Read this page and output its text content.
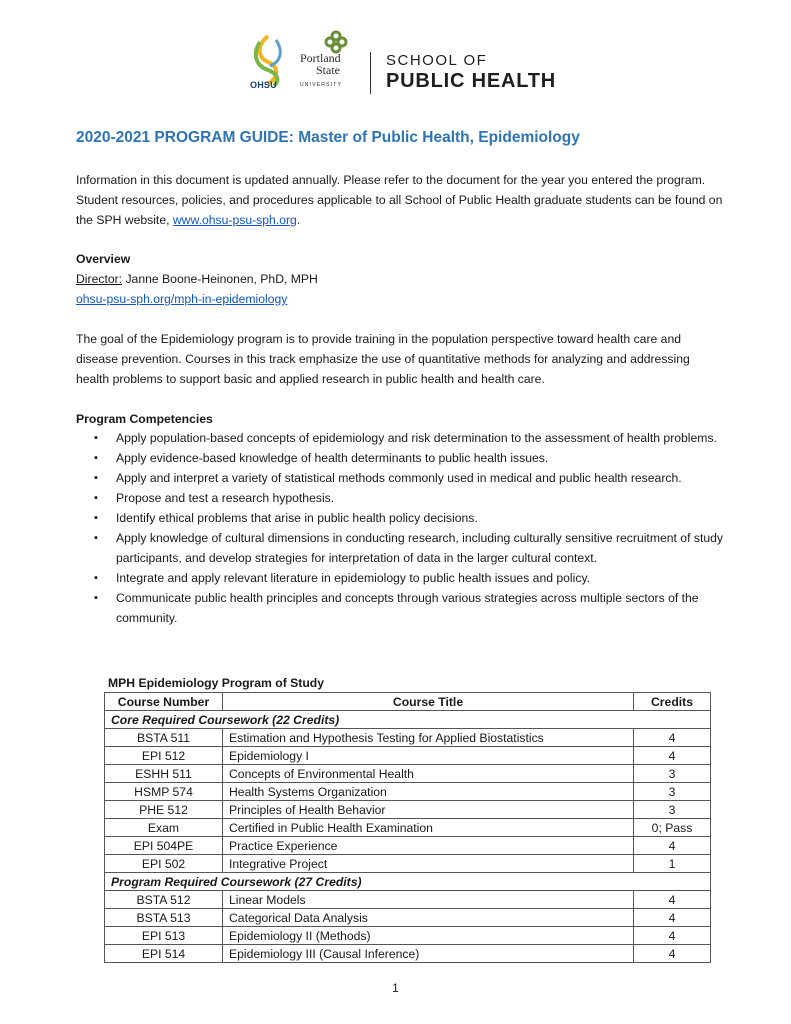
OHSU
Portland
State
UNIVERSITY
SCHOOL OF
PUBLIC HEALTH
2020-2021 PROGRAM GUIDE: Master of Public Health, Epidemiology
Information in this document is updated annually. Please refer to the document for the year you entered the program. Student resources, policies, and procedures applicable to all School of Public Health graduate students can be found on the SPH website, www.ohsu-psu-sph.org.
Overview
Director: Janne Boone-Heinonen, PhD, MPH
ohsu-psu-sph.org/mph-in-epidemiology
The goal of the Epidemiology program is to provide training in the population perspective toward health care and disease prevention. Courses in this track emphasize the use of quantitative methods for analyzing and addressing health problems to support basic and applied research in public health and health care.
Program Competencies
▪ Apply population-based concepts of epidemiology and risk determination to the assessment of health problems.
▪ Apply evidence-based knowledge of health determinants to public health issues.
▪ Apply and interpret a variety of statistical methods commonly used in medical and public health research.
▪ Propose and test a research hypothesis.
▪ Identify ethical problems that arise in public health policy decisions.
▪ Apply knowledge of cultural dimensions in conducting research, including culturally sensitive recruitment of study participants, and develop strategies for interpretation of data in the larger cultural context.
▪ Integrate and apply relevant literature in epidemiology to public health issues and policy.
▪ Communicate public health principles and concepts through various strategies across multiple sectors of the community.
MPH Epidemiology Program of Study
Course Number	Course Title	Credits
Core Required Coursework (22 Credits)		
BSTA 511	Estimation and Hypothesis Testing for Applied Biostatistics	4
EPI 512	Epidemiology I	4
ESHH 511	Concepts of Environmental Health	3
HSMP 574	Health Systems Organization	3
PHE 512	Principles of Health Behavior	3
Exam	Certified in Public Health Examination	0; Pass
EPI 504PE	Practice Experience	4
EPI 502	Integrative Project	1
Program Required Coursework (27 Credits)		
BSTA 512	Linear Models	4
BSTA 513	Categorical Data Analysis	4
EPI 513	Epidemiology II (Methods)	4
EPI 514	Epidemiology III (Causal Inference)	4
1
